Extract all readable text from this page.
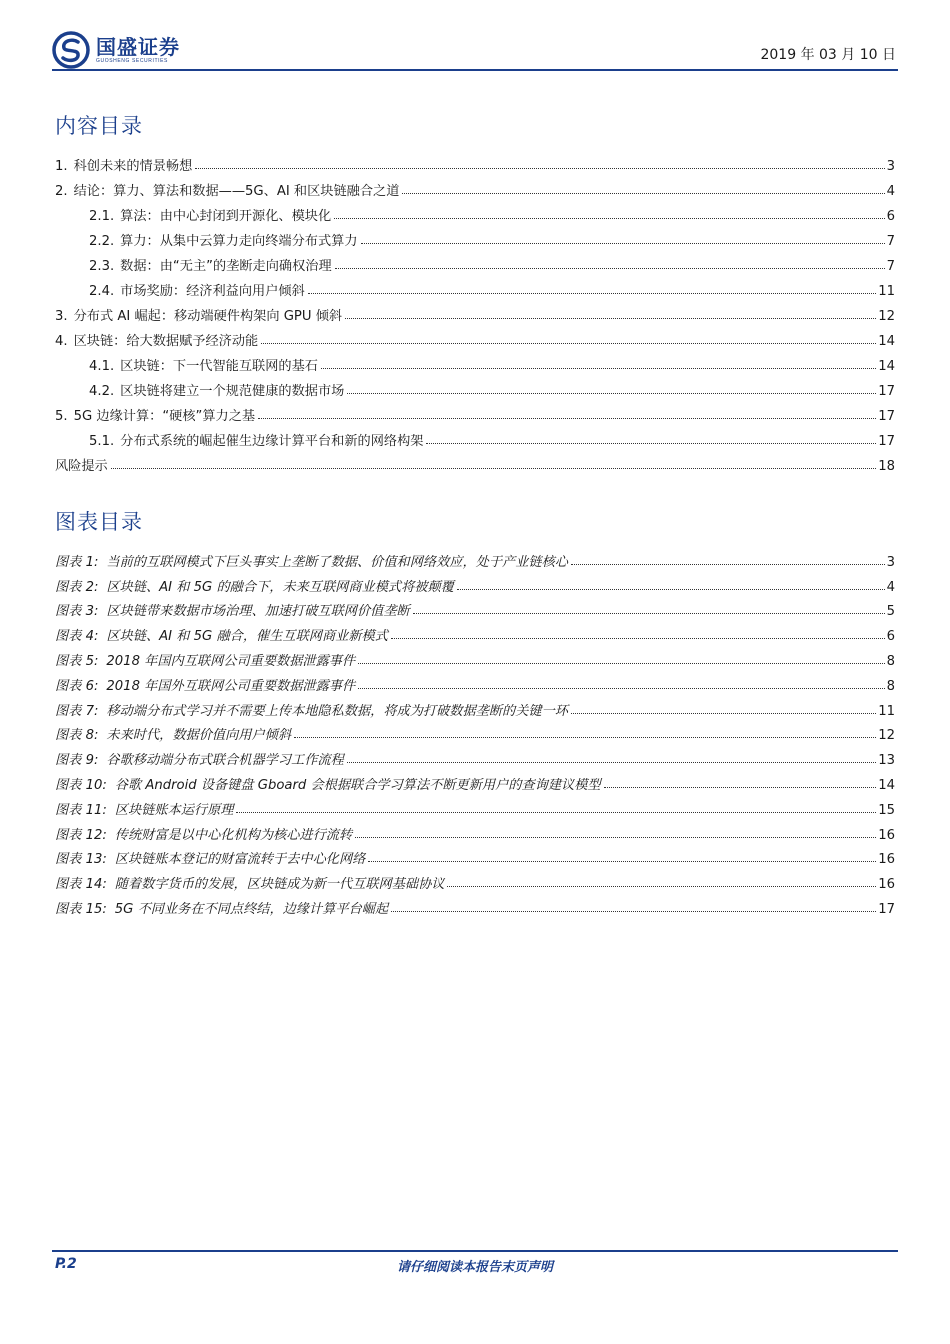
国盛证券
GUOSHENG SECURITIES	2019 年 03 月 10 日
内容目录
1. 科创未来的情景畅想	3
2. 结论：算力、算法和数据——5G、AI 和区块链融合之道	4
2.1. 算法：由中心封闭到开源化、模块化	6
2.2. 算力：从集中云算力走向终端分布式算力	7
2.3. 数据：由“无主”的垄断走向确权治理	7
2.4. 市场奖励：经济利益向用户倾斜	11
3. 分布式 AI 崛起：移动端硬件构架向 GPU 倾斜	12
4. 区块链：给大数据赋予经济动能	14
4.1. 区块链：下一代智能互联网的基石	14
4.2. 区块链将建立一个规范健康的数据市场	17
5. 5G 边缘计算：“硬核”算力之基	17
5.1. 分布式系统的崛起催生边缘计算平台和新的网络构架	17
风险提示	18
图表目录
图表 1: 当前的互联网模式下巨头事实上垄断了数据、价值和网络效应，处于产业链核心	3
图表 2: 区块链、AI 和 5G 的融合下，未来互联网商业模式将被颠覆	4
图表 3: 区块链带来数据市场治理、加速打破互联网价值垄断	5
图表 4: 区块链、AI 和 5G 融合，催生互联网商业新模式	6
图表 5: 2018 年国内互联网公司重要数据泄露事件	8
图表 6: 2018 年国外互联网公司重要数据泄露事件	8
图表 7: 移动端分布式学习并不需要上传本地隐私数据，将成为打破数据垄断的关键一环	11
图表 8: 未来时代，数据价值向用户倾斜	12
图表 9: 谷歌移动端分布式联合机器学习工作流程	13
图表 10: 谷歌 Android 设备键盘 Gboard 会根据联合学习算法不断更新用户的查询建议模型	14
图表 11: 区块链账本运行原理	15
图表 12: 传统财富是以中心化机构为核心进行流转	16
图表 13: 区块链账本登记的财富流转于去中心化网络	16
图表 14: 随着数字货币的发展，区块链成为新一代互联网基础协议	16
图表 15: 5G 不同业务在不同点终结，边缘计算平台崛起	17
请仔细阅读本报告末页声明
P.2
